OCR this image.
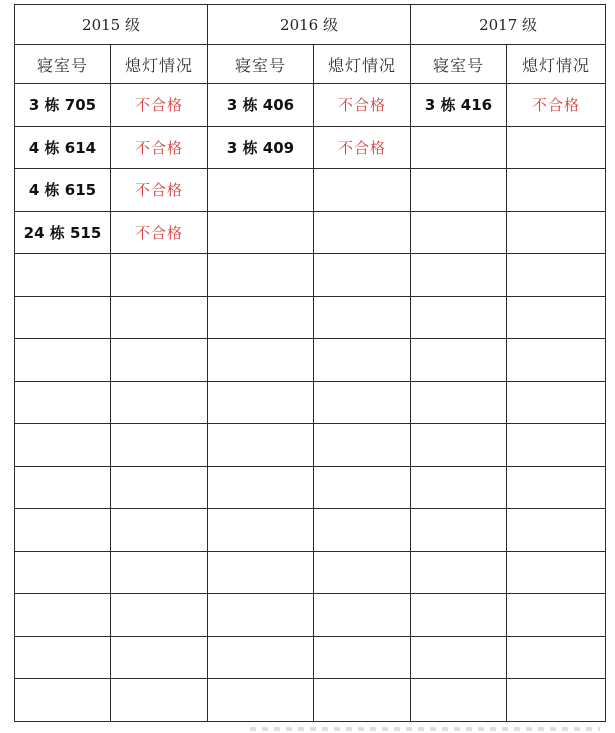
2015 级		2016 级		2017 级	
寝室号	熄灯情况	寝室号	熄灯情况	寝室号	熄灯情况
3 栋 705	不合格	3 栋 406	不合格	3 栋 416	不合格
4 栋 614	不合格	3 栋 409	不合格		
4 栋 615	不合格				
24 栋 515	不合格				
